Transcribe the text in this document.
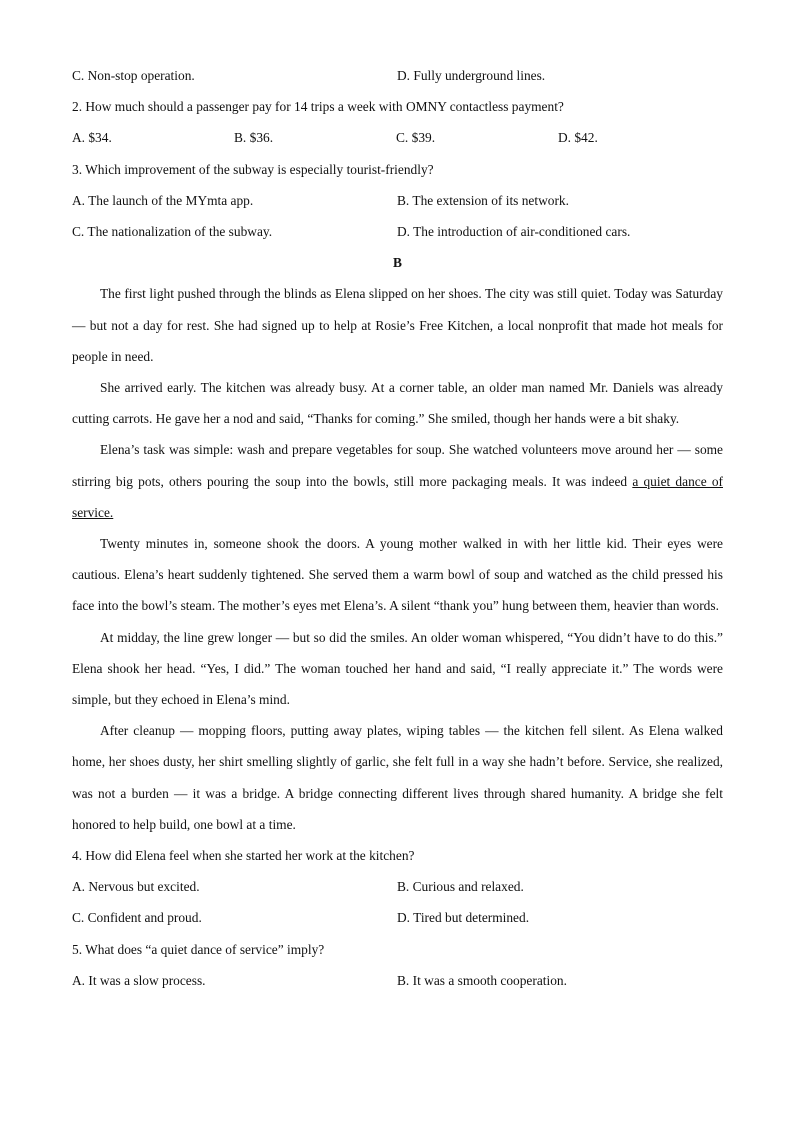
C. Non-stop operation.	D. Fully underground lines.
2. How much should a passenger pay for 14 trips a week with OMNY contactless payment?
A. $34.	B. $36.	C. $39.	D. $42.
3. Which improvement of the subway is especially tourist-friendly?
A. The launch of the MYmta app.	B. The extension of its network.
C. The nationalization of the subway.	D. The introduction of air-conditioned cars.
B

The first light pushed through the blinds as Elena slipped on her shoes. The city was still quiet. Today was Saturday — but not a day for rest. She had signed up to help at Rosie’s Free Kitchen, a local nonprofit that made hot meals for people in need.

She arrived early. The kitchen was already busy. At a corner table, an older man named Mr. Daniels was already cutting carrots. He gave her a nod and said, “Thanks for coming.” She smiled, though her hands were a bit shaky.

Elena’s task was simple: wash and prepare vegetables for soup. She watched volunteers move around her — some stirring big pots, others pouring the soup into the bowls, still more packaging meals. It was indeed a quiet dance of service.

Twenty minutes in, someone shook the doors. A young mother walked in with her little kid. Their eyes were cautious. Elena’s heart suddenly tightened. She served them a warm bowl of soup and watched as the child pressed his face into the bowl’s steam. The mother’s eyes met Elena’s. A silent “thank you” hung between them, heavier than words.

At midday, the line grew longer — but so did the smiles. An older woman whispered, “You didn’t have to do this.” Elena shook her head. “Yes, I did.” The woman touched her hand and said, “I really appreciate it.” The words were simple, but they echoed in Elena’s mind.

After cleanup — mopping floors, putting away plates, wiping tables — the kitchen fell silent. As Elena walked home, her shoes dusty, her shirt smelling slightly of garlic, she felt full in a way she hadn’t before. Service, she realized, was not a burden — it was a bridge. A bridge connecting different lives through shared humanity. A bridge she felt honored to help build, one bowl at a time.

4. How did Elena feel when she started her work at the kitchen?
A. Nervous but excited.	B. Curious and relaxed.
C. Confident and proud.	D. Tired but determined.
5. What does “a quiet dance of service” imply?
A. It was a slow process.	B. It was a smooth cooperation.
